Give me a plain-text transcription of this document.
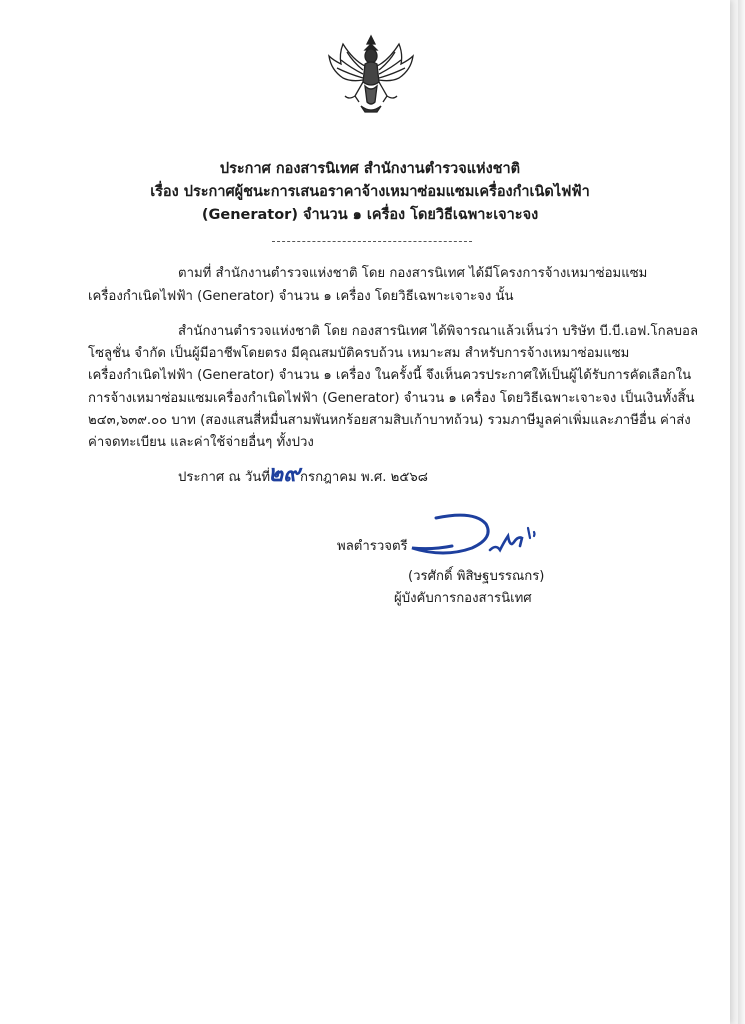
ประกาศ กองสารนิเทศ สำนักงานตำรวจแห่งชาติ

เรื่อง ประกาศผู้ชนะการเสนอราคาจ้างเหมาซ่อมแซมเครื่องกำเนิดไฟฟ้า

(Generator) จำนวน ๑ เครื่อง โดยวิธีเฉพาะเจาะจง

ตามที่ สำนักงานตำรวจแห่งชาติ โดย กองสารนิเทศ ได้มีโครงการจ้างเหมาซ่อมแซม

เครื่องกำเนิดไฟฟ้า (Generator) จำนวน ๑ เครื่อง โดยวิธีเฉพาะเจาะจง นั้น

สำนักงานตำรวจแห่งชาติ โดย กองสารนิเทศ ได้พิจารณาแล้วเห็นว่า บริษัท บี.บี.เอฟ.โกลบอล

โซลูชั่น จำกัด เป็นผู้มีอาชีพโดยตรง มีคุณสมบัติครบถ้วน เหมาะสม สำหรับการจ้างเหมาซ่อมแซม

เครื่องกำเนิดไฟฟ้า (Generator) จำนวน ๑ เครื่อง ในครั้งนี้ จึงเห็นควรประกาศให้เป็นผู้ได้รับการคัดเลือกใน

การจ้างเหมาซ่อมแซมเครื่องกำเนิดไฟฟ้า (Generator) จำนวน ๑ เครื่อง โดยวิธีเฉพาะเจาะจง เป็นเงินทั้งสิ้น

๒๔๓,๖๓๙.๐๐ บาท (สองแสนสี่หมื่นสามพันหกร้อยสามสิบเก้าบาทถ้วน) รวมภาษีมูลค่าเพิ่มและภาษีอื่น ค่าส่ง

ค่าจดทะเบียน และค่าใช้จ่ายอื่นๆ ทั้งปวง

ประกาศ ณ วันที่
๒๙ กรกฎาคม พ.ศ. ๒๕๖๘
พลตำรวจตรี
(วรศักดิ์ พิสิษฐบรรณกร)
ผู้บังคับการกองสารนิเทศ
